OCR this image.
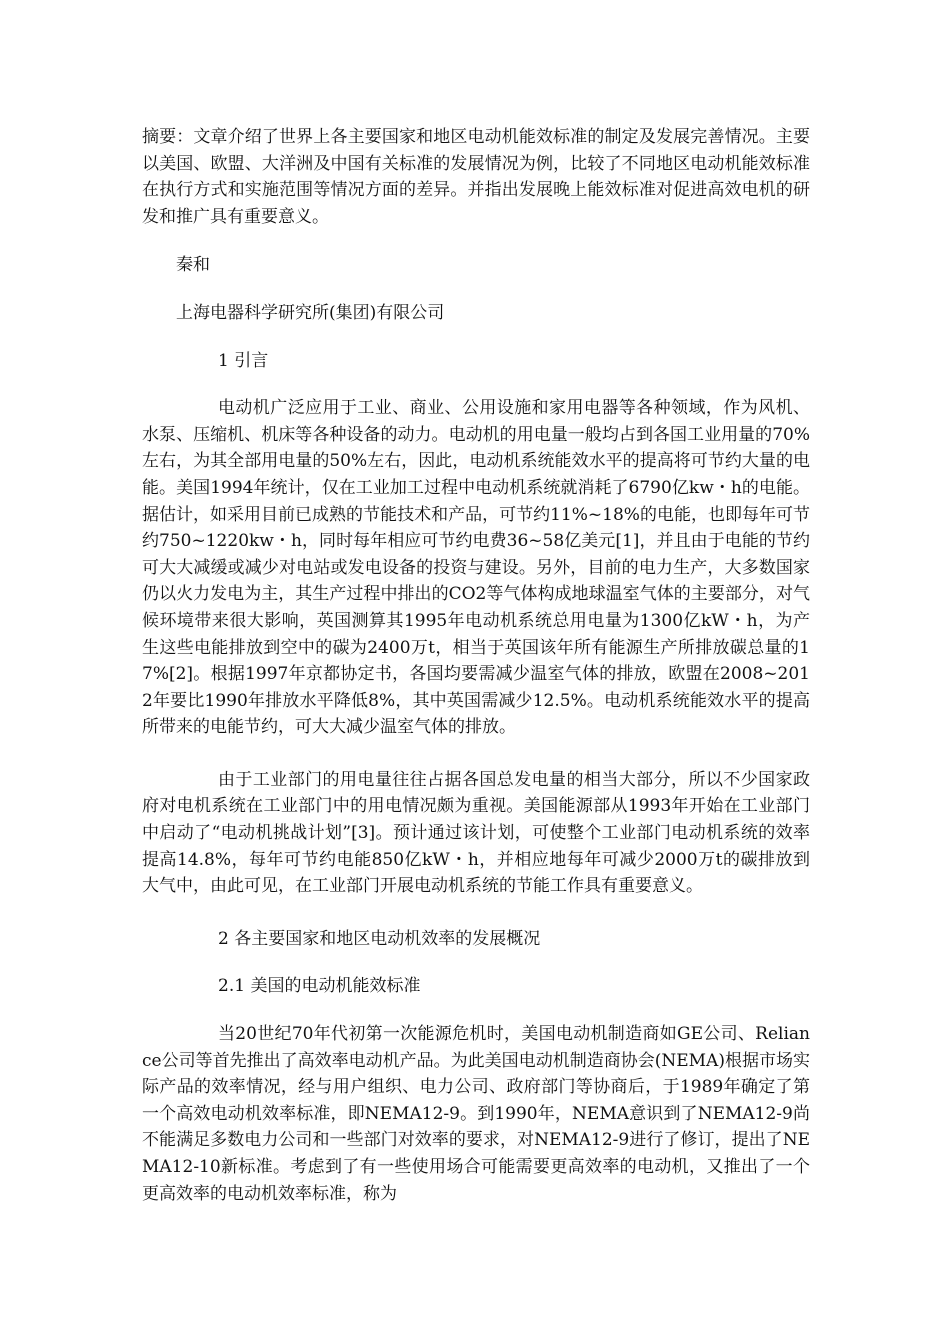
摘要：文章介绍了世界上各主要国家和地区电动机能效标准的制定及发展完善情况。主要以美国、欧盟、大洋洲及中国有关标准的发展情况为例，比较了不同地区电动机能效标准在执行方式和实施范围等情况方面的差异。并指出发展晚上能效标准对促进高效电机的研发和推广具有重要意义。

秦和

上海电器科学研究所(集团)有限公司

1 引言

电动机广泛应用于工业、商业、公用设施和家用电器等各种领域，作为风机、水泵、压缩机、机床等各种设备的动力。电动机的用电量一般均占到各国工业用量的70%左右，为其全部用电量的50%左右，因此，电动机系统能效水平的提高将可节约大量的电能。美国1994年统计，仅在工业加工过程中电动机系统就消耗了6790亿kw・h的电能。据估计，如采用目前已成熟的节能技术和产品，可节约11%~18%的电能，也即每年可节约750~1220kw・h，同时每年相应可节约电费36~58亿美元[1]，并且由于电能的节约可大大减缓或减少对电站或发电设备的投资与建设。另外，目前的电力生产，大多数国家仍以火力发电为主，其生产过程中排出的CO2等气体构成地球温室气体的主要部分，对气候环境带来很大影响，英国测算其1995年电动机系统总用电量为1300亿kW・h，为产生这些电能排放到空中的碳为2400万t，相当于英国该年所有能源生产所排放碳总量的17%[2]。根据1997年京都协定书，各国均要需减少温室气体的排放，欧盟在2008~2012年要比1990年排放水平降低8%，其中英国需减少12.5%。电动机系统能效水平的提高所带来的电能节约，可大大减少温室气体的排放。

由于工业部门的用电量往往占据各国总发电量的相当大部分，所以不少国家政府对电机系统在工业部门中的用电情况颇为重视。美国能源部从1993年开始在工业部门中启动了“电动机挑战计划”[3]。预计通过该计划，可使整个工业部门电动机系统的效率提高14.8%，每年可节约电能850亿kW・h，并相应地每年可减少2000万t的碳排放到大气中，由此可见，在工业部门开展电动机系统的节能工作具有重要意义。

2 各主要国家和地区电动机效率的发展概况

2.1 美国的电动机能效标准

当20世纪70年代初第一次能源危机时，美国电动机制造商如GE公司、Reliance公司等首先推出了高效率电动机产品。为此美国电动机制造商协会(NEMA)根据市场实际产品的效率情况，经与用户组织、电力公司、政府部门等协商后，于1989年确定了第一个高效电动机效率标准，即NEMA12-9。到1990年，NEMA意识到了NEMA12-9尚不能满足多数电力公司和一些部门对效率的要求，对NEMA12-9进行了修订，提出了NEMA12-10新标准。考虑到了有一些使用场合可能需要更高效率的电动机，又推出了一个更高效率的电动机效率标准，称为
